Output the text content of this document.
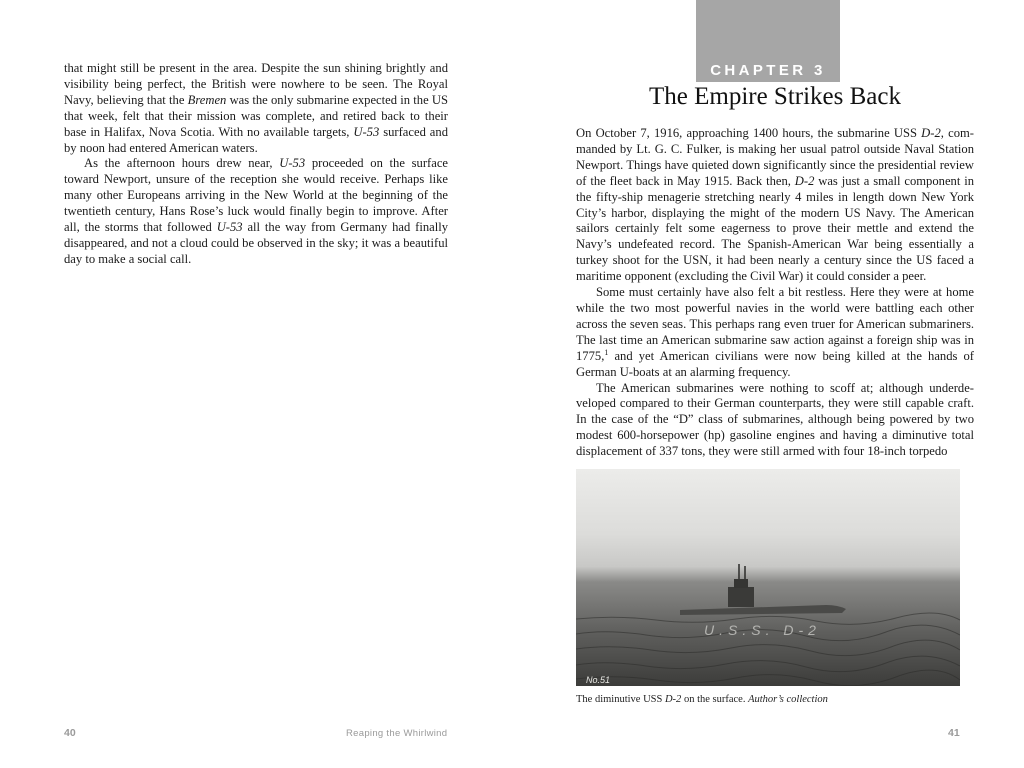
that might still be present in the area. Despite the sun shining brightly and visibility being perfect, the British were nowhere to be seen. The Royal Navy, believing that the Bremen was the only submarine expected in the US that week, felt that their mission was complete, and retired back to their base in Halifax, Nova Scotia. With no available targets, U-53 surfaced and by noon had entered American waters.

As the afternoon hours drew near, U-53 proceeded on the surface toward Newport, unsure of the reception she would receive. Perhaps like many other Europeans arriving in the New World at the beginning of the twentieth century, Hans Rose’s luck would finally begin to improve. After all, the storms that followed U-53 all the way from Germany had finally disappeared, and not a cloud could be observed in the sky; it was a beautiful day to make a social call.

40	Reaping the Whirlwind
CHAPTER 3
The Empire Strikes Back

On October 7, 1916, approaching 1400 hours, the submarine USS D-2, commanded by Lt. G. C. Fulker, is making her usual patrol outside Naval Station Newport. Things have quieted down significantly since the presidential review of the fleet back in May 1915. Back then, D-2 was just a small component in the fifty-ship menagerie stretching nearly 4 miles in length down New York City’s harbor, displaying the might of the modern US Navy. The American sailors certainly felt some eagerness to prove their mettle and extend the Navy’s undefeated record. The Spanish-American War being essentially a turkey shoot for the USN, it had been nearly a century since the US faced a maritime opponent (excluding the Civil War) it could consider a peer.

Some must certainly have also felt a bit restless. Here they were at home while the two most powerful navies in the world were battling each other across the seven seas. This perhaps rang even truer for American submariners. The last time an American submarine saw action against a foreign ship was in 1775,$^1$ and yet American civilians were now being killed at the hands of German U-boats at an alarming frequency.

The American submarines were nothing to scoff at; although underdeveloped compared to their German counterparts, they were still capable craft. In the case of the “D” class of submarines, although being powered by two modest 600-horsepower (hp) gasoline engines and having a diminutive total displacement of 337 tons, they were still armed with four 18-inch torpedo

U.S.S. D-2
No.51
The diminutive USS D-2 on the surface. Author’s collection
41
